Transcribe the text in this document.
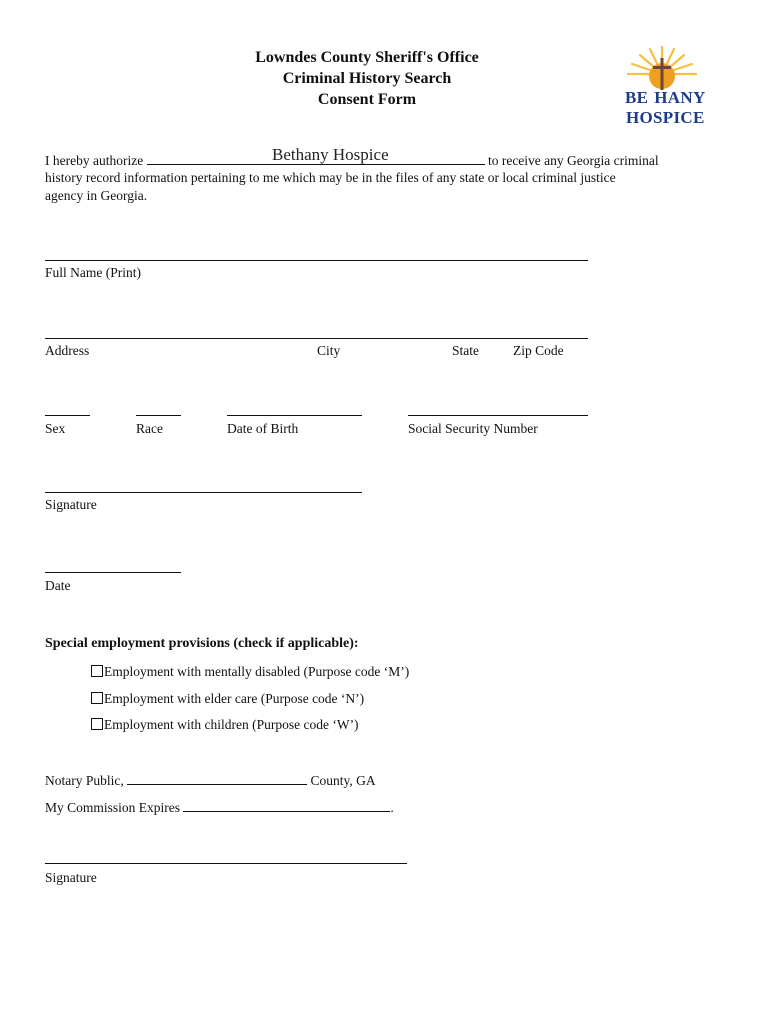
Lowndes County Sheriff's Office
Criminal History Search
Consent Form	BE HANY
HOSPICE
I hereby authorize	to receive any Georgia criminal
Bethany Hospice
history record information pertaining to me which may be in the files of any state or local criminal justice
agency in Georgia.
Full Name (Print)
Address	City	State	Zip Code
Sex	Race	Date of Birth	Social Security Number
Signature
Date
Special employment provisions (check if applicable):
Employment with mentally disabled (Purpose code ‘M’)
Employment with elder care (Purpose code ‘N’)
Employment with children (Purpose code ‘W’)
Notary Public,	County, GA
My Commission Expires	.
Signature
